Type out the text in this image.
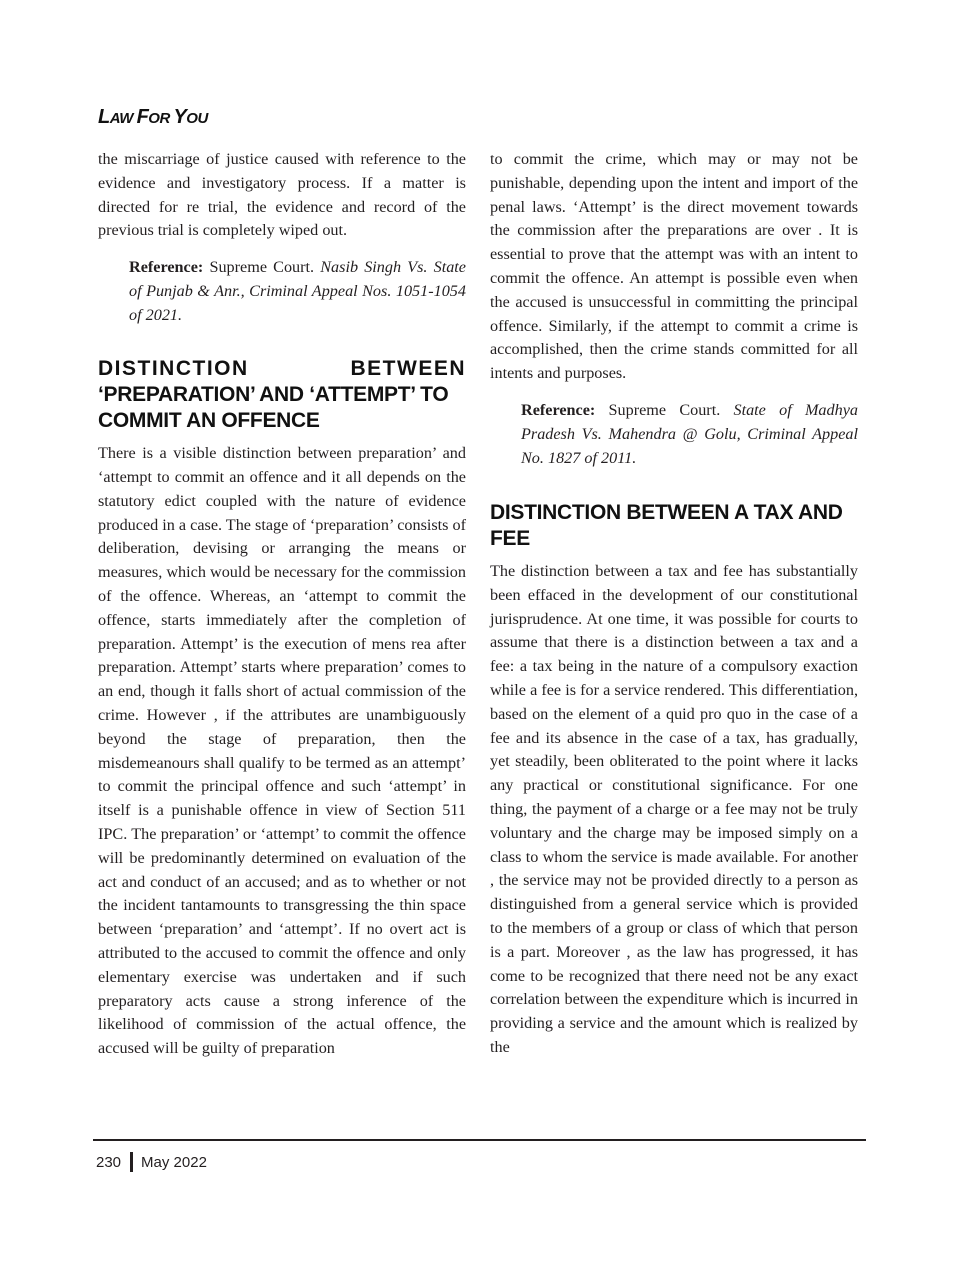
LAW FOR YOU

the miscarriage of justice caused with reference to the evidence and investigatory process. If a matter is directed for re trial, the evidence and record of the previous trial is completely wiped out.

Reference: Supreme Court. Nasib Singh Vs. State of Punjab & Anr., Criminal Appeal Nos. 1051-1054 of 2021.

DISTINCTION	BETWEEN
‘PREPARATION’ AND ‘ATTEMPT’ TO COMMIT AN OFFENCE

There is a visible distinction between preparation’ and ‘attempt to commit an offence and it all depends on the statutory edict coupled with the nature of evidence produced in a case. The stage of ‘preparation’ consists of deliberation, devising or arranging the means or measures, which would be necessary for the commission of the offence. Whereas, an ‘attempt to commit the offence, starts immediately after the completion of preparation. Attempt’ is the execution of mens rea after preparation. Attempt’ starts where preparation’ comes to an end, though it falls short of actual commission of the crime. However , if the attributes are unambiguously beyond the stage of preparation, then the misdemeanours shall qualify to be termed as an attempt’ to commit the principal offence and such ‘attempt’ in itself is a punishable offence in view of Section 511 IPC. The preparation’ or ‘attempt’ to commit the offence will be predominantly determined on evaluation of the act and conduct of an accused; and as to whether or not the incident tantamounts to transgressing the thin space between ‘preparation’ and ‘attempt’. If no overt act is attributed to the accused to commit the offence and only elementary exercise was undertaken and if such preparatory acts cause a strong inference of the likelihood of commission of the actual offence, the accused will be guilty of preparation

to commit the crime, which may or may not be punishable, depending upon the intent and import of the penal laws. ‘Attempt’ is the direct movement towards the commission after the preparations are over . It is essential to prove that the attempt was with an intent to commit the offence. An attempt is possible even when the accused is unsuccessful in committing the principal offence. Similarly, if the attempt to commit a crime is accomplished, then the crime stands committed for all intents and purposes.

Reference: Supreme Court. State of Madhya Pradesh Vs. Mahendra @ Golu, Criminal Appeal No. 1827 of 2011.

DISTINCTION BETWEEN A TAX AND FEE

The distinction between a tax and fee has substantially been effaced in the development of our constitutional jurisprudence. At one time, it was possible for courts to assume that there is a distinction between a tax and a fee: a tax being in the nature of a compulsory exaction while a fee is for a service rendered. This differentiation, based on the element of a quid pro quo in the case of a fee and its absence in the case of a tax, has gradually, yet steadily, been obliterated to the point where it lacks any practical or constitutional significance. For one thing, the payment of a charge or a fee may not be truly voluntary and the charge may be imposed simply on a class to whom the service is made available. For another , the service may not be provided directly to a person as distinguished from a general service which is provided to the members of a group or class of which that person is a part. Moreover , as the law has progressed, it has come to be recognized that there need not be any exact correlation between the expenditure which is incurred in providing a service and the amount which is realized by the

230 May 2022
